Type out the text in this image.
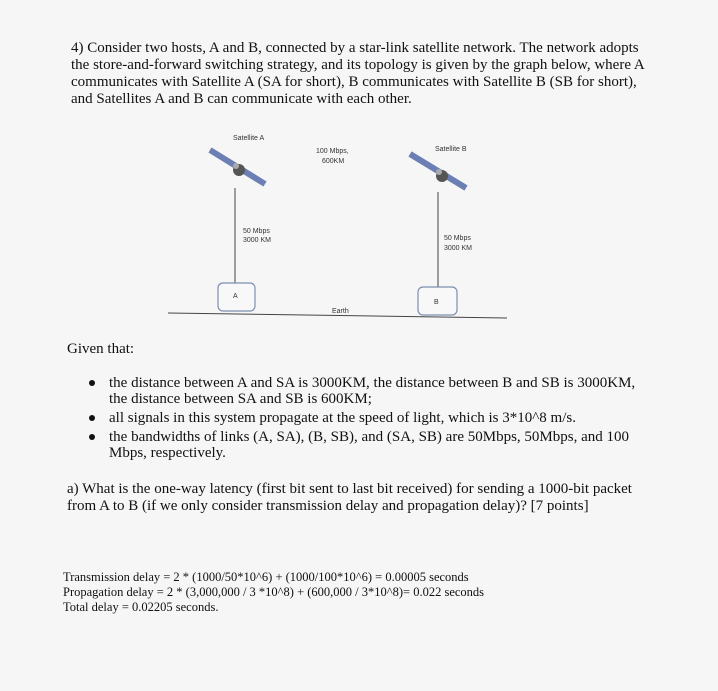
4) Consider two hosts, A and B, connected by a star-link satellite network. The network adopts the store-and-forward switching strategy, and its topology is given by the graph below, where A communicates with Satellite A (SA for short), B communicates with Satellite B (SB for short), and Satellites A and B can communicate with each other.

Satellite A
Satellite B
100 Mbps,
600KM
50 Mbps
3000 KM	50 Mbps
3000 KM
A
B
Earth

Given that:

the distance between A and SA is 3000KM, the distance between B and SB is 3000KM, the distance between SA and SB is 600KM;
all signals in this system propagate at the speed of light, which is 3*10^8 m/s.
the bandwidths of links (A, SA), (B, SB), and (SA, SB) are 50Mbps, 50Mbps, and 100 Mbps, respectively.

a) What is the one-way latency (first bit sent to last bit received) for sending a 1000-bit packet from A to B (if we only consider transmission delay and propagation delay)? [7 points]

Transmission delay = 2 * (1000/50*10^6) + (1000/100*10^6) = 0.00005 seconds
Propagation delay = 2 * (3,000,000 / 3 *10^8) + (600,000 / 3*10^8)= 0.022 seconds
Total delay = 0.02205 seconds.
